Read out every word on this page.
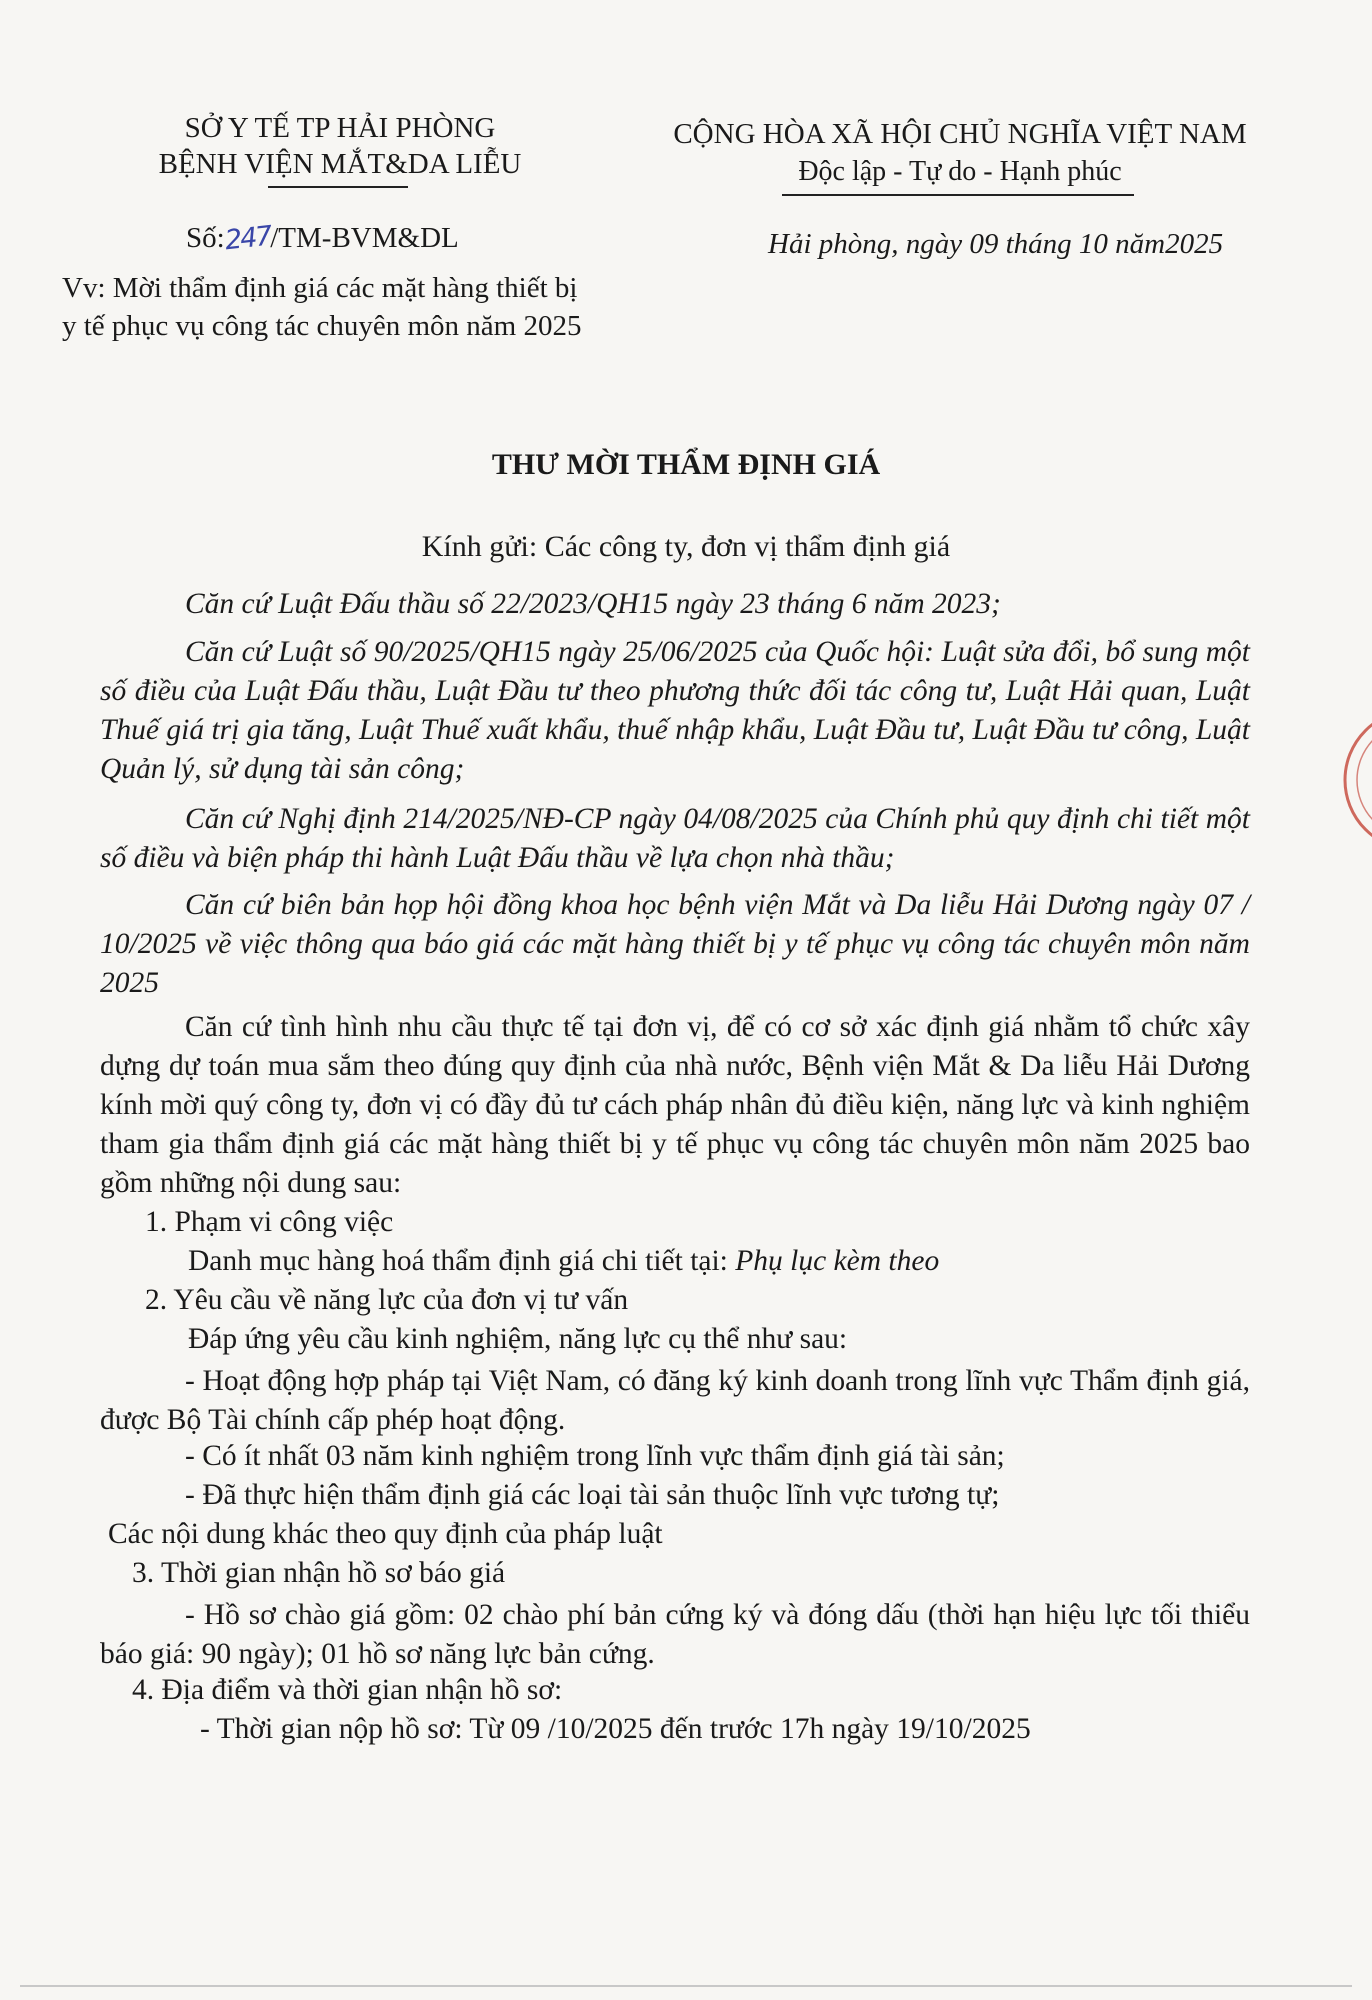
SỞ Y TẾ TP HẢI PHÒNG
BỆNH VIỆN MẮT&DA LIỄU
CỘNG HÒA XÃ HỘI CHỦ NGHĨA VIỆT NAM
Độc lập - Tự do - Hạnh phúc
Số:247/TM-BVM&DL	Hải phòng, ngày 09 tháng 10 năm2025
Vv: Mời thẩm định giá các mặt hàng thiết bị
y tế phục vụ công tác chuyên môn năm 2025
THƯ MỜI THẨM ĐỊNH GIÁ
Kính gửi: Các công ty, đơn vị thẩm định giá
Căn cứ Luật Đấu thầu số 22/2023/QH15 ngày 23 tháng 6 năm 2023;
Căn cứ Luật số 90/2025/QH15 ngày 25/06/2025 của Quốc hội: Luật sửa đổi, bổ sung một số điều của Luật Đấu thầu, Luật Đầu tư theo phương thức đối tác công tư, Luật Hải quan, Luật Thuế giá trị gia tăng, Luật Thuế xuất khẩu, thuế nhập khẩu, Luật Đầu tư, Luật Đầu tư công, Luật Quản lý, sử dụng tài sản công;
Căn cứ Nghị định 214/2025/NĐ-CP ngày 04/08/2025 của Chính phủ quy định chi tiết một số điều và biện pháp thi hành Luật Đấu thầu về lựa chọn nhà thầu;
Căn cứ biên bản họp hội đồng khoa học bệnh viện Mắt và Da liễu Hải Dương ngày 07 / 10/2025 về việc thông qua báo giá các mặt hàng thiết bị y tế phục vụ công tác chuyên môn năm 2025
Căn cứ tình hình nhu cầu thực tế tại đơn vị, để có cơ sở xác định giá nhằm tổ chức xây dựng dự toán mua sắm theo đúng quy định của nhà nước, Bệnh viện Mắt & Da liễu Hải Dương kính mời quý công ty, đơn vị có đầy đủ tư cách pháp nhân đủ điều kiện, năng lực và kinh nghiệm tham gia thẩm định giá các mặt hàng thiết bị y tế phục vụ công tác chuyên môn năm 2025 bao gồm những nội dung sau:
1. Phạm vi công việc
Danh mục hàng hoá thẩm định giá chi tiết tại: Phụ lục kèm theo
2. Yêu cầu về năng lực của đơn vị tư vấn
Đáp ứng yêu cầu kinh nghiệm, năng lực cụ thể như sau:
- Hoạt động hợp pháp tại Việt Nam, có đăng ký kinh doanh trong lĩnh vực Thẩm định giá, được Bộ Tài chính cấp phép hoạt động.
- Có ít nhất 03 năm kinh nghiệm trong lĩnh vực thẩm định giá tài sản;
- Đã thực hiện thẩm định giá các loại tài sản thuộc lĩnh vực tương tự;
Các nội dung khác theo quy định của pháp luật
3. Thời gian nhận hồ sơ báo giá
- Hồ sơ chào giá gồm: 02 chào phí bản cứng ký và đóng dấu (thời hạn hiệu lực tối thiểu báo giá: 90 ngày); 01 hồ sơ năng lực bản cứng.
4. Địa điểm và thời gian nhận hồ sơ:
- Thời gian nộp hồ sơ: Từ 09 /10/2025 đến trước 17h ngày 19/10/2025
